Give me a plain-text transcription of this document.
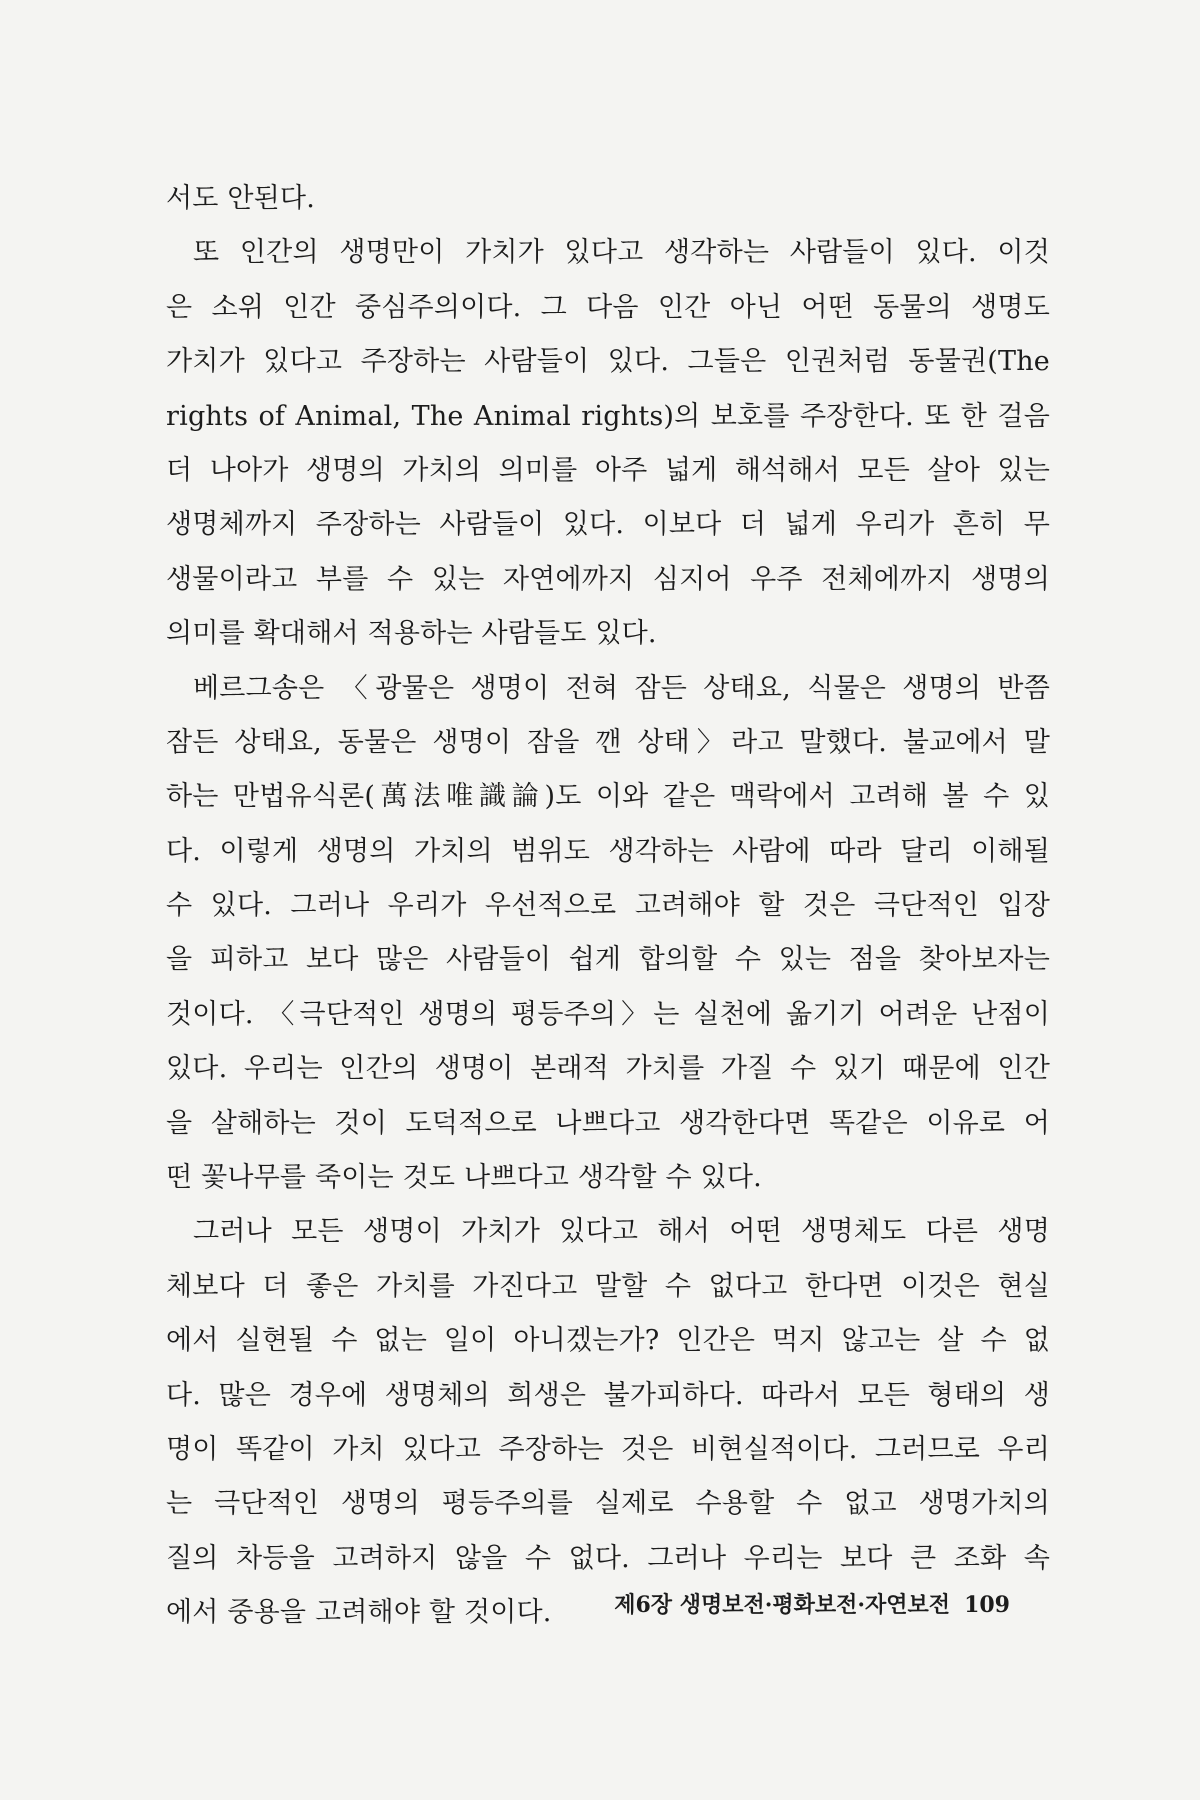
서도 안된다.
또 인간의 생명만이 가치가 있다고 생각하는 사람들이 있다. 이것
은 소위 인간 중심주의이다. 그 다음 인간 아닌 어떤 동물의 생명도
가치가 있다고 주장하는 사람들이 있다. 그들은 인권처럼 동물권(The
rights of Animal, The Animal rights)의 보호를 주장한다. 또 한 걸음
더 나아가 생명의 가치의 의미를 아주 넓게 해석해서 모든 살아 있는
생명체까지 주장하는 사람들이 있다. 이보다 더 넓게 우리가 흔히 무
생물이라고 부를 수 있는 자연에까지 심지어 우주 전체에까지 생명의
의미를 확대해서 적용하는 사람들도 있다.
베르그송은 〈광물은 생명이 전혀 잠든 상태요, 식물은 생명의 반쯤
잠든 상태요, 동물은 생명이 잠을 깬 상태〉라고 말했다. 불교에서 말
하는 만법유식론(萬法唯識論)도 이와 같은 맥락에서 고려해 볼 수 있
다. 이렇게 생명의 가치의 범위도 생각하는 사람에 따라 달리 이해될
수 있다. 그러나 우리가 우선적으로 고려해야 할 것은 극단적인 입장
을 피하고 보다 많은 사람들이 쉽게 합의할 수 있는 점을 찾아보자는
것이다. 〈극단적인 생명의 평등주의〉는 실천에 옮기기 어려운 난점이
있다. 우리는 인간의 생명이 본래적 가치를 가질 수 있기 때문에 인간
을 살해하는 것이 도덕적으로 나쁘다고 생각한다면 똑같은 이유로 어
떤 꽃나무를 죽이는 것도 나쁘다고 생각할 수 있다.
그러나 모든 생명이 가치가 있다고 해서 어떤 생명체도 다른 생명
체보다 더 좋은 가치를 가진다고 말할 수 없다고 한다면 이것은 현실
에서 실현될 수 없는 일이 아니겠는가? 인간은 먹지 않고는 살 수 없
다. 많은 경우에 생명체의 희생은 불가피하다. 따라서 모든 형태의 생
명이 똑같이 가치 있다고 주장하는 것은 비현실적이다. 그러므로 우리
는 극단적인 생명의 평등주의를 실제로 수용할 수 없고 생명가치의
질의 차등을 고려하지 않을 수 없다. 그러나 우리는 보다 큰 조화 속
에서 중용을 고려해야 할 것이다.	제6장 생명보전·평화보전·자연보전 109
